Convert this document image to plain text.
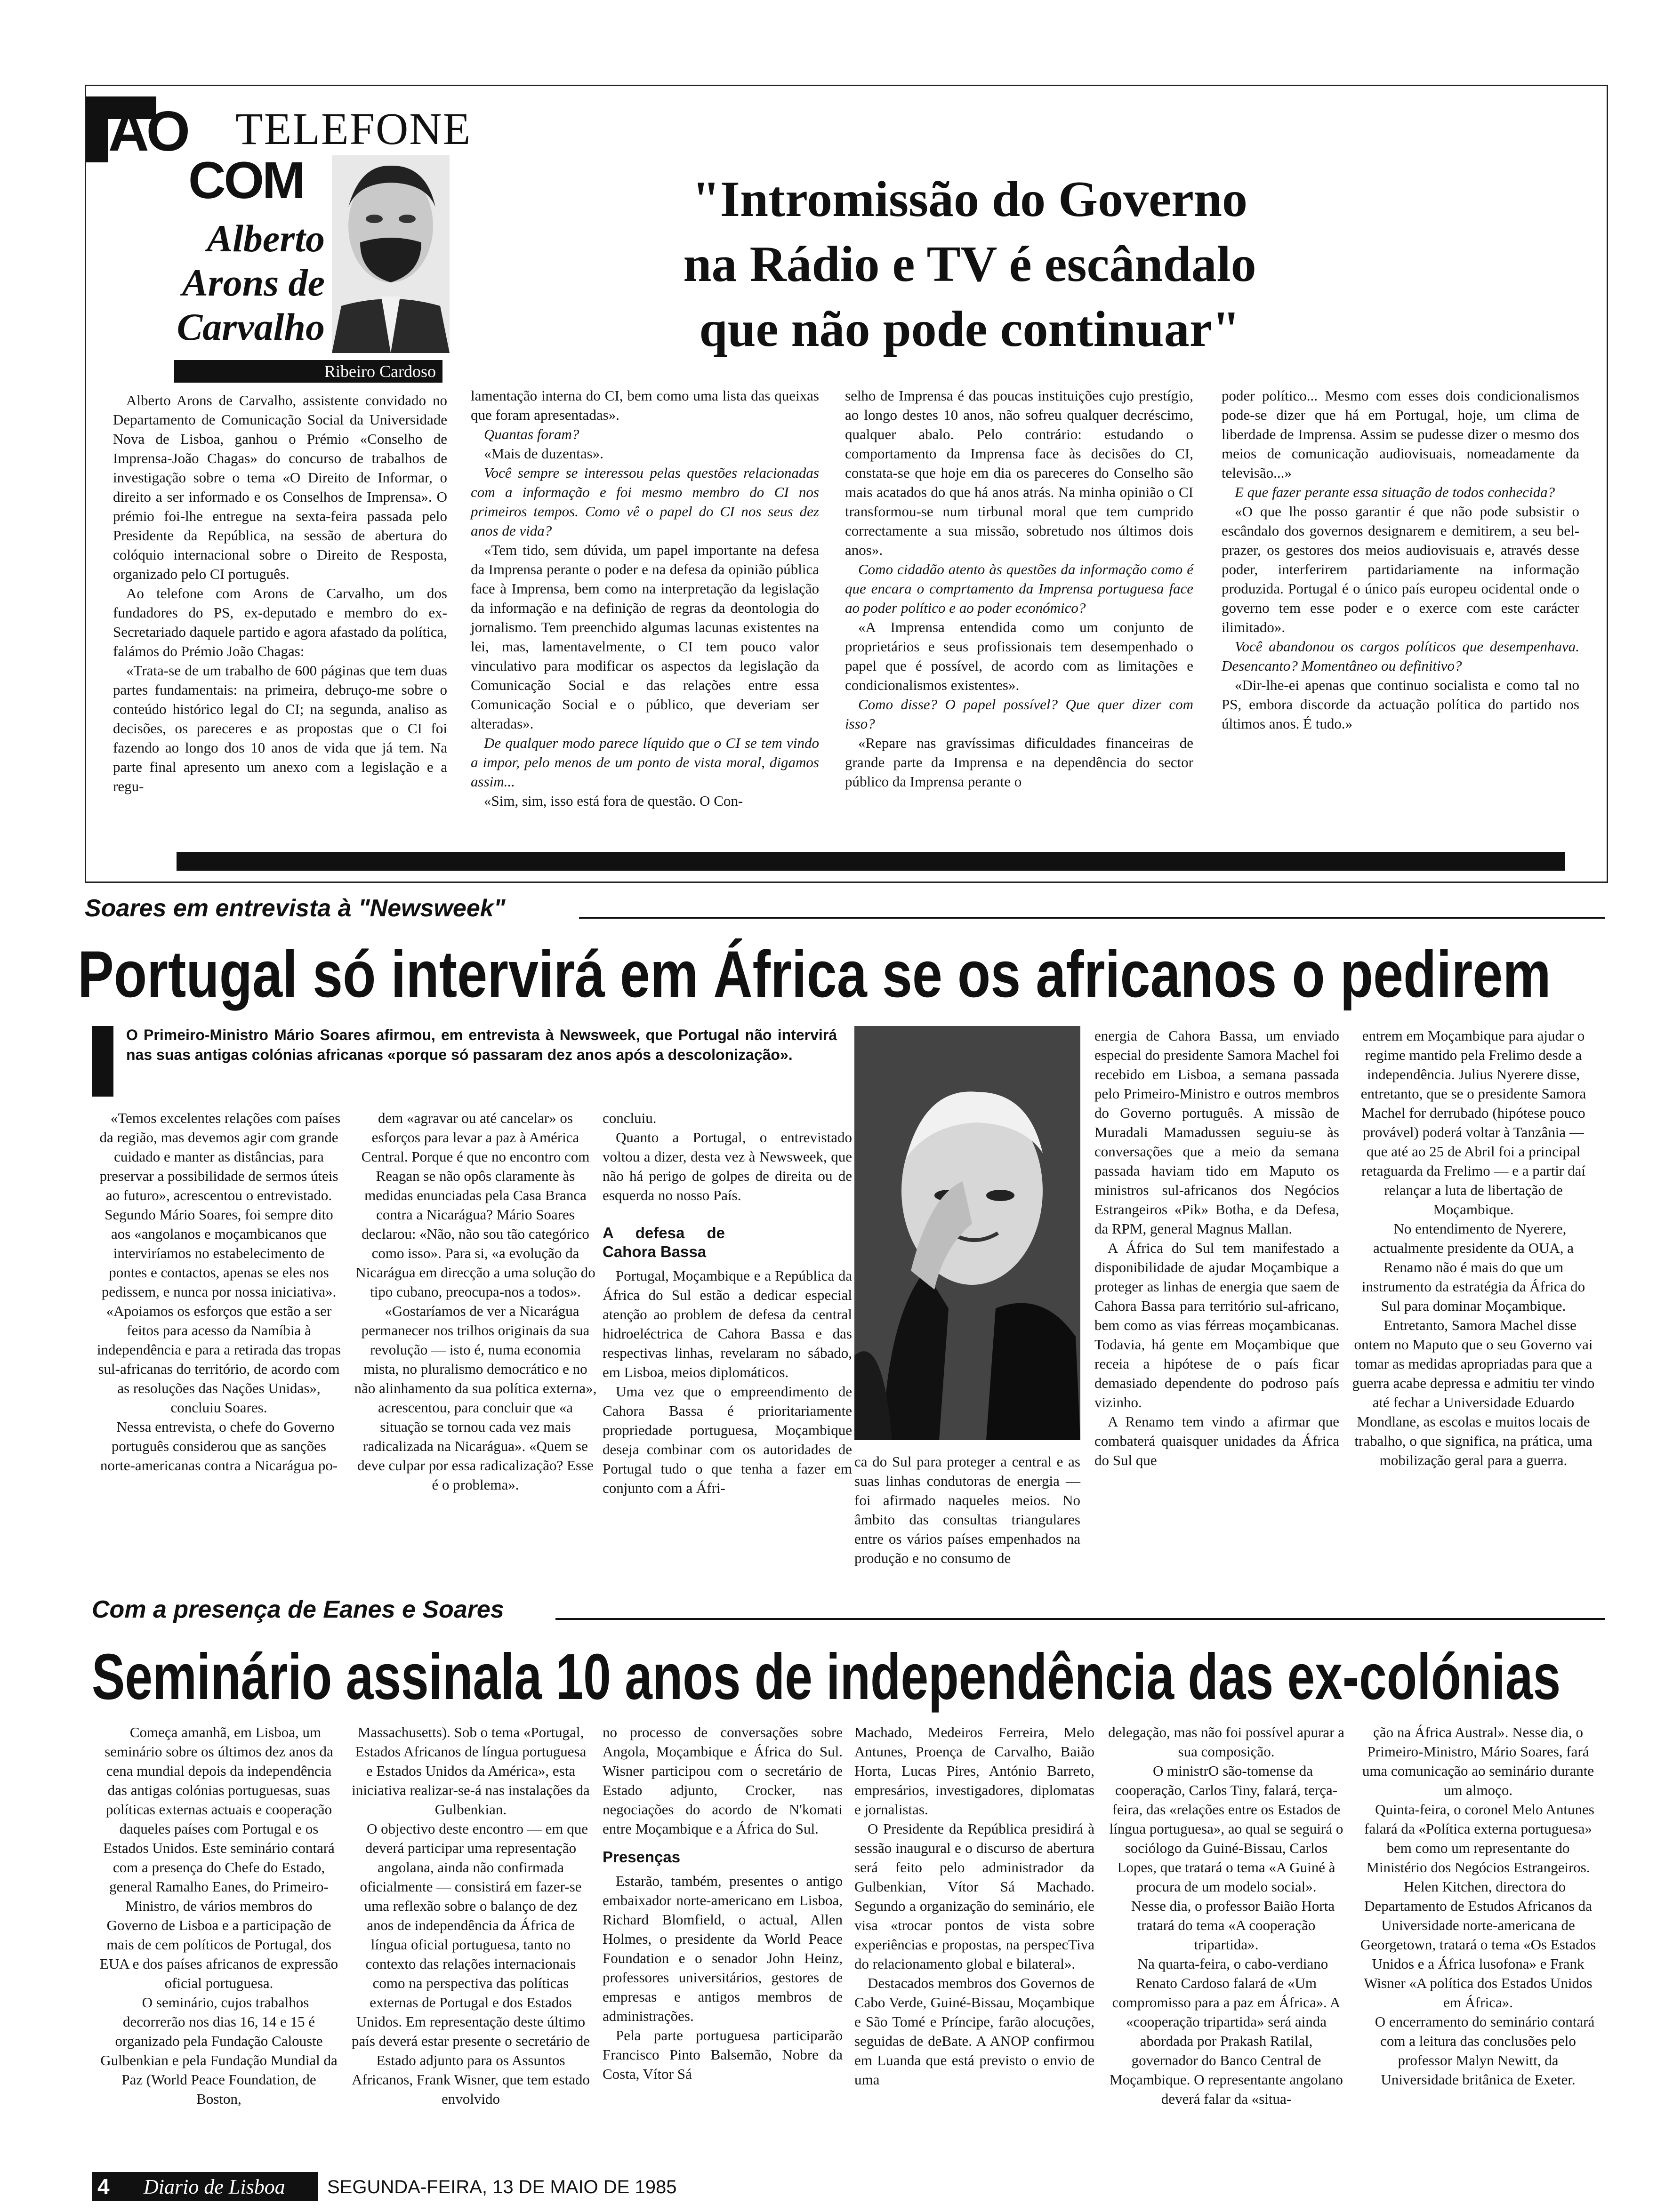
AO TELEFONE
COM
Alberto
Arons de
Carvalho
Ribeiro Cardoso
"Intromissão do Governo
na Rádio e TV é escândalo
que não pode continuar"

Alberto Arons de Carvalho, assistente convidado no Departamento de Comunicação Social da Universidade Nova de Lisboa, ganhou o Prémio «Conselho de Imprensa-João Chagas» do concurso de trabalhos de investigação sobre o tema «O Direito de Informar, o direito a ser informado e os Conselhos de Imprensa». O prémio foi-lhe entregue na sexta-feira passada pelo Presidente da República, na sessão de abertura do colóquio internacional sobre o Direito de Resposta, organizado pelo CI português.

Ao telefone com Arons de Carvalho, um dos fundadores do PS, ex-deputado e membro do ex-Secretariado daquele partido e agora afastado da política, falámos do Prémio João Chagas:

«Trata-se de um trabalho de 600 páginas que tem duas partes fundamentais: na primeira, debruço-me sobre o conteúdo histórico legal do CI; na segunda, analiso as decisões, os pareceres e as propostas que o CI foi fazendo ao longo dos 10 anos de vida que já tem. Na parte final apresento um anexo com a legislação e a regu-

lamentação interna do CI, bem como uma lista das queixas que foram apresentadas».

Quantas foram?

«Mais de duzentas».

Você sempre se interessou pelas questões relacionadas com a informação e foi mesmo membro do CI nos primeiros tempos. Como vê o papel do CI nos seus dez anos de vida?

«Tem tido, sem dúvida, um papel importante na defesa da Imprensa perante o poder e na defesa da opinião pública face à Imprensa, bem como na interpretação da legislação da informação e na definição de regras da deontologia do jornalismo. Tem preenchido algumas lacunas existentes na lei, mas, lamentavelmente, o CI tem pouco valor vinculativo para modificar os aspectos da legislação da Comunicação Social e das relações entre essa Comunicação Social e o público, que deveriam ser alteradas».

De qualquer modo parece líquido que o CI se tem vindo a impor, pelo menos de um ponto de vista moral, digamos assim...

«Sim, sim, isso está fora de questão. O Con-

selho de Imprensa é das poucas instituições cujo prestígio, ao longo destes 10 anos, não sofreu qualquer decréscimo, qualquer abalo. Pelo contrário: estudando o comportamento da Imprensa face às decisões do CI, constata-se que hoje em dia os pareceres do Conselho são mais acatados do que há anos atrás. Na minha opinião o CI transformou-se num tirbunal moral que tem cumprido correctamente a sua missão, sobretudo nos últimos dois anos».

Como cidadão atento às questões da informação como é que encara o comprtamento da Imprensa portuguesa face ao poder político e ao poder económico?

«A Imprensa entendida como um conjunto de proprietários e seus profissionais tem desempenhado o papel que é possível, de acordo com as limitações e condicionalismos existentes».

Como disse? O papel possível? Que quer dizer com isso?

«Repare nas gravíssimas dificuldades financeiras de grande parte da Imprensa e na dependência do sector público da Imprensa perante o

poder político... Mesmo com esses dois condicionalismos pode-se dizer que há em Portugal, hoje, um clima de liberdade de Imprensa. Assim se pudesse dizer o mesmo dos meios de comunicação audiovisuais, nomeadamente da televisão...»

E que fazer perante essa situação de todos conhecida?

«O que lhe posso garantir é que não pode subsistir o escândalo dos governos designarem e demitirem, a seu bel-prazer, os gestores dos meios audiovisuais e, através desse poder, interferirem partidariamente na informação produzida. Portugal é o único país europeu ocidental onde o governo tem esse poder e o exerce com este carácter ilimitado».

Você abandonou os cargos políticos que desempenhava. Desencanto? Momentâneo ou definitivo?

«Dir-lhe-ei apenas que continuo socialista e como tal no PS, embora discorde da actuação política do partido nos últimos anos. É tudo.»

Soares em entrevista à "Newsweek"
Portugal só intervirá em África se os africanos o pedirem
O Primeiro-Ministro Mário Soares afirmou, em entrevista à Newsweek, que Portugal não intervirá nas suas antigas colónias africanas «porque só passaram dez anos após a descolonização».

«Temos excelentes relações com países da região, mas devemos agir com grande cuidado e manter as distâncias, para preservar a possibilidade de sermos úteis ao futuro», acrescentou o entrevistado. Segundo Mário Soares, foi sempre dito aos «angolanos e moçambicanos que interviríamos no estabelecimento de pontes e contactos, apenas se eles nos pedissem, e nunca por nossa iniciativa». «Apoiamos os esforços que estão a ser feitos para acesso da Namíbia à independência e para a retirada das tropas sul-africanas do território, de acordo com as resoluções das Nações Unidas», concluiu Soares.

Nessa entrevista, o chefe do Governo português considerou que as sanções norte-americanas contra a Nicarágua po-

dem «agravar ou até cancelar» os esforços para levar a paz à América Central. Porque é que no encontro com Reagan se não opôs claramente às medidas enunciadas pela Casa Branca contra a Nicarágua? Mário Soares declarou: «Não, não sou tão categórico como isso». Para si, «a evolução da Nicarágua em direcção a uma solução do tipo cubano, preocupa-nos a todos».

«Gostaríamos de ver a Nicarágua permanecer nos trilhos originais da sua revolução — isto é, numa economia mista, no pluralismo democrático e no não alinhamento da sua política externa», acrescentou, para concluir que «a situação se tornou cada vez mais radicalizada na Nicarágua». «Quem se deve culpar por essa radicalização? Esse é o problema».

concluiu.

Quanto a Portugal, o entrevistado voltou a dizer, desta vez à Newsweek, que não há perigo de golpes de direita ou de esquerda no nosso País.

A defesa de Cahora Bassa

Portugal, Moçambique e a República da África do Sul estão a dedicar especial atenção ao problem de defesa da central hidroeléctrica de Cahora Bassa e das respectivas linhas, revelaram no sábado, em Lisboa, meios diplomáticos.

Uma vez que o empreendimento de Cahora Bassa é prioritariamente propriedade portuguesa, Moçambique deseja combinar com os autoridades de Portugal tudo o que tenha a fazer em conjunto com a Áfri-

ca do Sul para proteger a central e as suas linhas condutoras de energia — foi afirmado naqueles meios. No âmbito das consultas triangulares entre os vários países empenhados na produção e no consumo de

energia de Cahora Bassa, um enviado especial do presidente Samora Machel foi recebido em Lisboa, a semana passada pelo Primeiro-Ministro e outros membros do Governo português. A missão de Muradali Mamadussen seguiu-se às conversações que a meio da semana passada haviam tido em Maputo os ministros sul-africanos dos Negócios Estrangeiros «Pik» Botha, e da Defesa, da RPM, general Magnus Mallan.

A África do Sul tem manifestado a disponibilidade de ajudar Moçambique a proteger as linhas de energia que saem de Cahora Bassa para território sul-africano, bem como as vias férreas moçambicanas. Todavia, há gente em Moçambique que receia a hipótese de o país ficar demasiado dependente do podroso país vizinho.

A Renamo tem vindo a afirmar que combaterá quaisquer unidades da África do Sul que

entrem em Moçambique para ajudar o regime mantido pela Frelimo desde a independência. Julius Nyerere disse, entretanto, que se o presidente Samora Machel for derrubado (hipótese pouco provável) poderá voltar à Tanzânia — que até ao 25 de Abril foi a principal retaguarda da Frelimo — e a partir daí relançar a luta de libertação de Moçambique.

No entendimento de Nyerere, actualmente presidente da OUA, a Renamo não é mais do que um instrumento da estratégia da África do Sul para dominar Moçambique.

Entretanto, Samora Machel disse ontem no Maputo que o seu Governo vai tomar as medidas apropriadas para que a guerra acabe depressa e admitiu ter vindo até fechar a Universidade Eduardo Mondlane, as escolas e muitos locais de trabalho, o que significa, na prática, uma mobilização geral para a guerra.

Com a presença de Eanes e Soares
Seminário assinala 10 anos de independência das ex-colónias

Começa amanhã, em Lisboa, um seminário sobre os últimos dez anos da cena mundial depois da independência das antigas colónias portuguesas, suas políticas externas actuais e cooperação daqueles países com Portugal e os Estados Unidos. Este seminário contará com a presença do Chefe do Estado, general Ramalho Eanes, do Primeiro-Ministro, de vários membros do Governo de Lisboa e a participação de mais de cem políticos de Portugal, dos EUA e dos países africanos de expressão oficial portuguesa.

O seminário, cujos trabalhos decorrerão nos dias 16, 14 e 15 é organizado pela Fundação Calouste Gulbenkian e pela Fundação Mundial da Paz (World Peace Foundation, de Boston,

Massachusetts). Sob o tema «Portugal, Estados Africanos de língua portuguesa e Estados Unidos da América», esta iniciativa realizar-se-á nas instalações da Gulbenkian.

O objectivo deste encontro — em que deverá participar uma representação angolana, ainda não confirmada oficialmente — consistirá em fazer-se uma reflexão sobre o balanço de dez anos de independência da África de língua oficial portuguesa, tanto no contexto das relações internacionais como na perspectiva das políticas externas de Portugal e dos Estados Unidos. Em representação deste último país deverá estar presente o secretário de Estado adjunto para os Assuntos Africanos, Frank Wisner, que tem estado envolvido

no processo de conversações sobre Angola, Moçambique e África do Sul. Wisner participou com o secretário de Estado adjunto, Crocker, nas negociações do acordo de N'komati entre Moçambique e a África do Sul.

Presenças

Estarão, também, presentes o antigo embaixador norte-americano em Lisboa, Richard Blomfield, o actual, Allen Holmes, o presidente da World Peace Foundation e o senador John Heinz, professores universitários, gestores de empresas e antigos membros de administrações.

Pela parte portuguesa participarão Francisco Pinto Balsemão, Nobre da Costa, Vítor Sá

Machado, Medeiros Ferreira, Melo Antunes, Proença de Carvalho, Baião Horta, Lucas Pires, António Barreto, empresários, investigadores, diplomatas e jornalistas.

O Presidente da República presidirá à sessão inaugural e o discurso de abertura será feito pelo administrador da Gulbenkian, Vítor Sá Machado. Segundo a organização do seminário, ele visa «trocar pontos de vista sobre experiências e propostas, na perspecTiva do relacionamento global e bilateral».

Destacados membros dos Governos de Cabo Verde, Guiné-Bissau, Moçambique e São Tomé e Príncipe, farão alocuções, seguidas de deBate. A ANOP confirmou em Luanda que está previsto o envio de uma

delegação, mas não foi possível apurar a sua composição.

O ministrO são-tomense da cooperação, Carlos Tiny, falará, terça-feira, das «relações entre os Estados de língua portuguesa», ao qual se seguirá o sociólogo da Guiné-Bissau, Carlos Lopes, que tratará o tema «A Guiné à procura de um modelo social».

Nesse dia, o professor Baião Horta tratará do tema «A cooperação tripartida».

Na quarta-feira, o cabo-verdiano Renato Cardoso falará de «Um compromisso para a paz em África». A «cooperação tripartida» será ainda abordada por Prakash Ratilal, governador do Banco Central de Moçambique. O representante angolano deverá falar da «situa-

ção na África Austral». Nesse dia, o Primeiro-Ministro, Mário Soares, fará uma comunicação ao seminário durante um almoço.

Quinta-feira, o coronel Melo Antunes falará da «Política externa portuguesa» bem como um representante do Ministério dos Negócios Estrangeiros.

Helen Kitchen, directora do Departamento de Estudos Africanos da Universidade norte-americana de Georgetown, tratará o tema «Os Estados Unidos e a África lusofona» e Frank Wisner «A política dos Estados Unidos em África».

O encerramento do seminário contará com a leitura das conclusões pelo professor Malyn Newitt, da Universidade britânica de Exeter.

4 Diario de Lisboa SEGUNDA-FEIRA, 13 DE MAIO DE 1985
